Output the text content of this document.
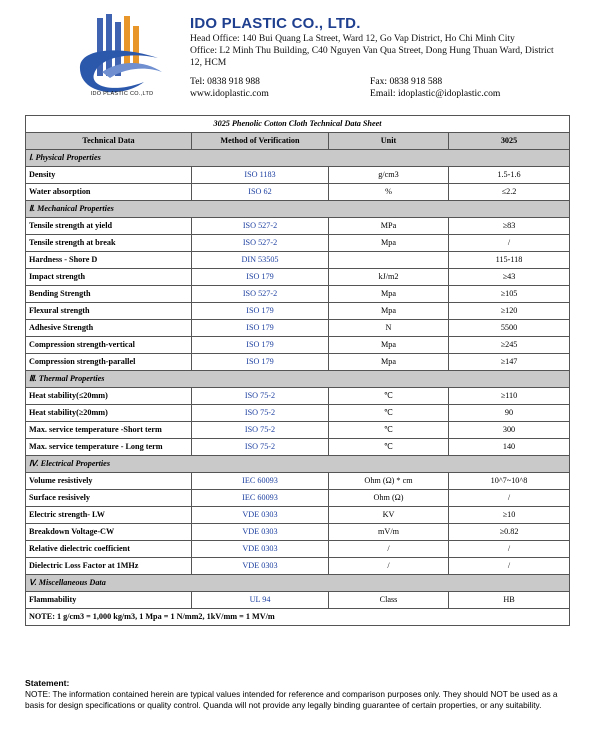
IDO PLASTIC CO.,LTD
IDO PLASTIC CO., LTD.
Head Office: 140 Bui Quang La Street, Ward 12, Go Vap District, Ho Chi Minh City
Office: L2 Minh Thu Building, C40 Nguyen Van Qua Street, Dong Hung Thuan Ward, District 12, HCM
Tel: 0838 918 988	Fax: 0838 918 588
www.idoplastic.com	Email: idoplastic@idoplastic.com
3025 Phenolic Cotton Cloth Technical Data Sheet			
Technical Data	Method of Verification	Unit	3025
Ⅰ. Physical Properties			
Density	ISO 1183	g/cm3	1.5-1.6
Water absorption	ISO 62	%	≤2.2
Ⅱ. Mechanical Properties			
Tensile strength at yield	ISO 527-2	MPa	≥83
Tensile strength at break	ISO 527-2	Mpa	/
Hardness - Shore D	DIN 53505		115-118
Impact strength	ISO 179	kJ/m2	≥43
Bending Strength	ISO 527-2	Mpa	≥105
Flexural strength	ISO 179	Mpa	≥120
Adhesive Strength	ISO 179	N	5500
Compression strength-vertical	ISO 179	Mpa	≥245
Compression strength-parallel	ISO 179	Mpa	≥147
Ⅲ. Thermal Properties			
Heat stability(≤20mm)	ISO 75-2	℃	≥110
Heat stability(≥20mm)	ISO 75-2	℃	90
Max. service temperature -Short term	ISO 75-2	℃	300
Max. service temperature - Long term	ISO 75-2	℃	140
Ⅳ. Electrical Properties			
Volume resistively	IEC 60093	Ohm (Ω) * cm	10^7~10^8
Surface resisively	IEC 60093	Ohm (Ω)	/
Electric strength- LW	VDE 0303	KV	≥10
Breakdown Voltage-CW	VDE 0303	mV/m	≥0.82
Relative dielectric coefficient	VDE 0303	/	/
Dielectric Loss Factor at 1MHz	VDE 0303	/	/
Ⅴ. Miscellaneous Data			
Flammability	UL 94	Class	HB
NOTE: 1 g/cm3 = 1,000 kg/m3, 1 Mpa = 1 N/mm2, 1kV/mm = 1 MV/m			
Statement:
NOTE: The information contained herein are typical values intended for reference and comparison purposes only. They should NOT be used as a basis for design specifications or quality control. Quanda will not provide any legally binding guarantee of certain properties, or any suitability.
